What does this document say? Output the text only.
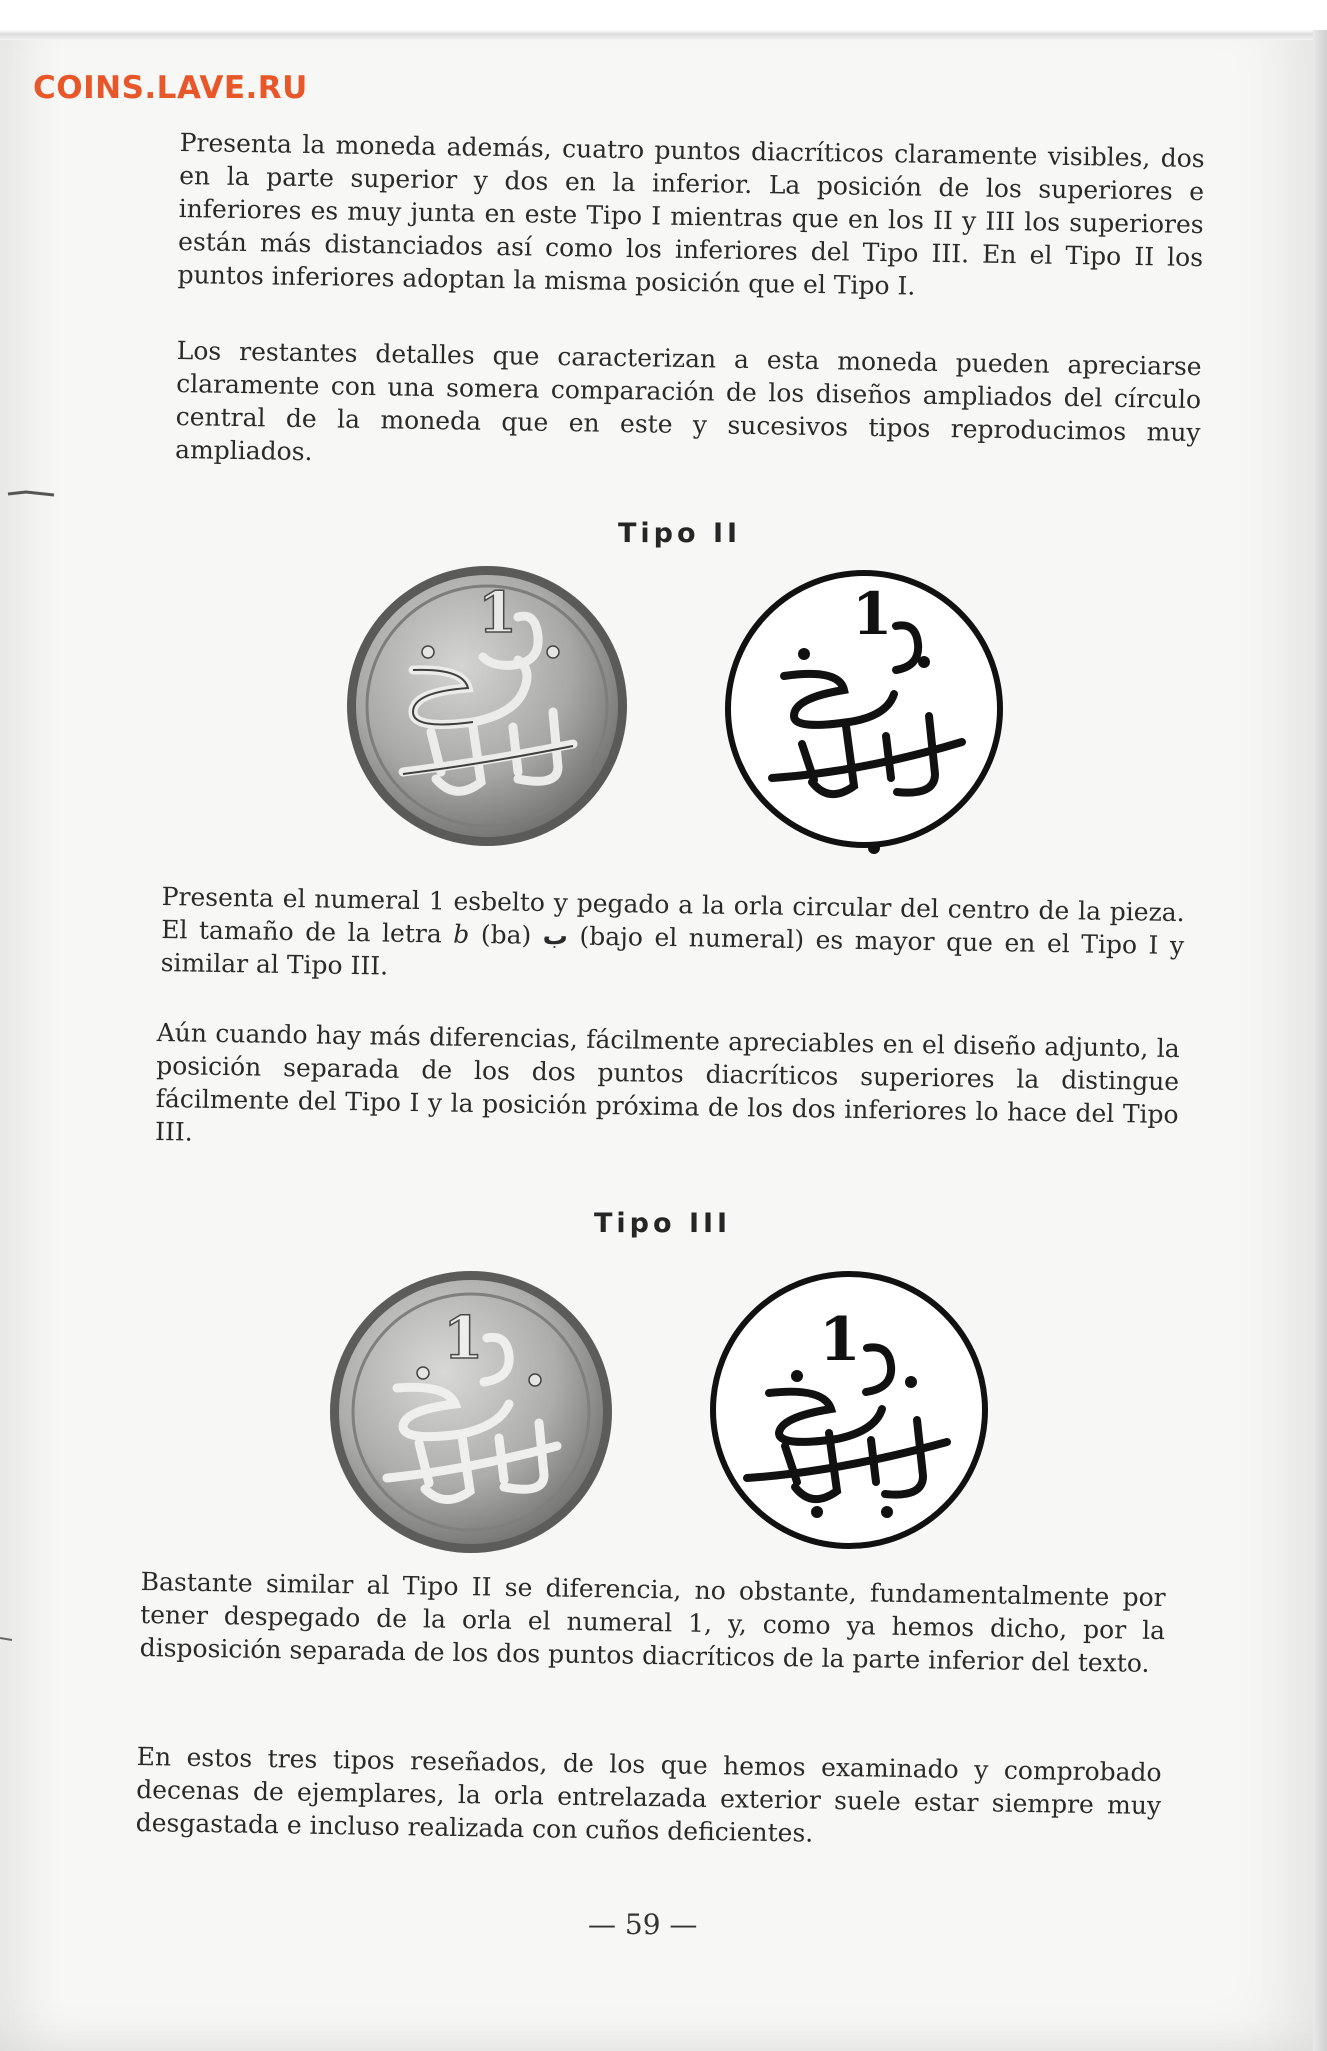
COINS.LAVE.RU

Presenta la moneda además, cuatro puntos diacríticos claramente visibles, dos en la parte superior y dos en la inferior. La posición de los superiores e inferiores es muy junta en este Tipo I mientras que en los II y III los superiores están más distanciados así como los inferiores del Tipo III. En el Tipo II los puntos inferiores adoptan la misma posición que el Tipo I.

Los restantes detalles que caracterizan a esta moneda pueden apreciarse claramente con una somera comparación de los diseños ampliados del círculo central de la moneda que en este y sucesivos tipos reproducimos muy ampliados.

Tipo II
1	1

Presenta el numeral 1 esbelto y pegado a la orla circular del centro de la pieza. El tamaño de la letra b (ba) ب (bajo el numeral) es mayor que en el Tipo I y similar al Tipo III.

Aún cuando hay más diferencias, fácilmente apreciables en el diseño adjunto, la posición separada de los dos puntos diacríticos superiores la distingue fácilmente del Tipo I y la posición próxima de los dos inferiores lo hace del Tipo III.

Tipo III
1	1

Bastante similar al Tipo II se diferencia, no obstante, fundamentalmente por tener despegado de la orla el numeral 1, y, como ya hemos dicho, por la disposición separada de los dos puntos diacríticos de la parte inferior del texto.

En estos tres tipos reseñados, de los que hemos examinado y comprobado decenas de ejemplares, la orla entrelazada exterior suele estar siempre muy desgastada e incluso realizada con cuños deficientes.

— 59 —
